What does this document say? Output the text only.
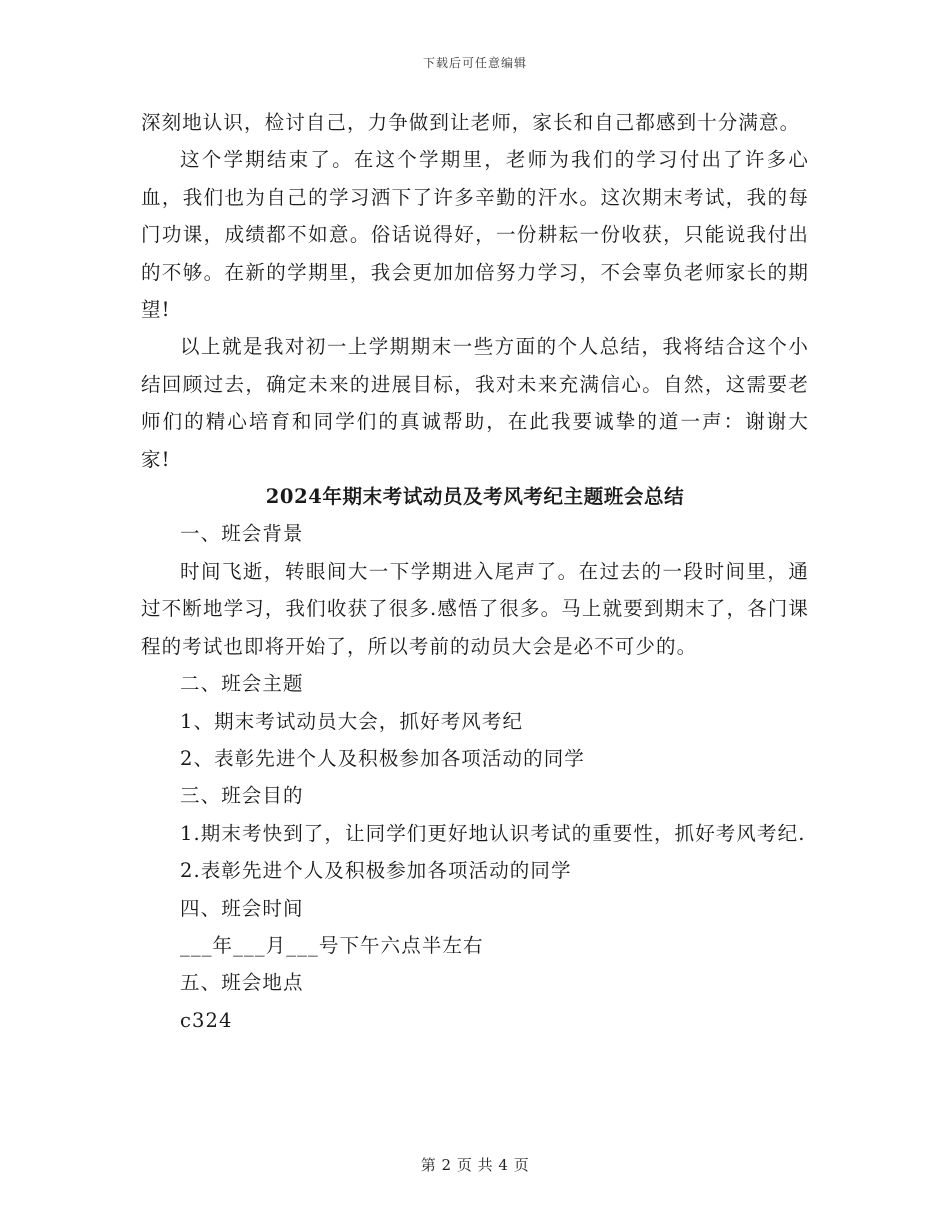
下载后可任意编辑

深刻地认识，检讨自己，力争做到让老师，家长和自己都感到十分满意。

这个学期结束了。在这个学期里，老师为我们的学习付出了许多心血，我们也为自己的学习洒下了许多辛勤的汗水。这次期末考试，我的每门功课，成绩都不如意。俗话说得好，一份耕耘一份收获，只能说我付出的不够。在新的学期里，我会更加加倍努力学习，不会辜负老师家长的期望!

以上就是我对初一上学期期末一些方面的个人总结，我将结合这个小结回顾过去，确定未来的进展目标，我对未来充满信心。自然，这需要老师们的精心培育和同学们的真诚帮助，在此我要诚挚的道一声：谢谢大家!

2024年期末考试动员及考风考纪主题班会总结

一、班会背景

时间飞逝，转眼间大一下学期进入尾声了。在过去的一段时间里，通过不断地学习，我们收获了很多.感悟了很多。马上就要到期末了，各门课程的考试也即将开始了，所以考前的动员大会是必不可少的。

二、班会主题

1、期末考试动员大会，抓好考风考纪

2、表彰先进个人及积极参加各项活动的同学

三、班会目的

1.期末考快到了，让同学们更好地认识考试的重要性，抓好考风考纪.

2.表彰先进个人及积极参加各项活动的同学

四、班会时间

___年___月___号下午六点半左右

五、班会地点

c324

第 2 页 共 4 页
